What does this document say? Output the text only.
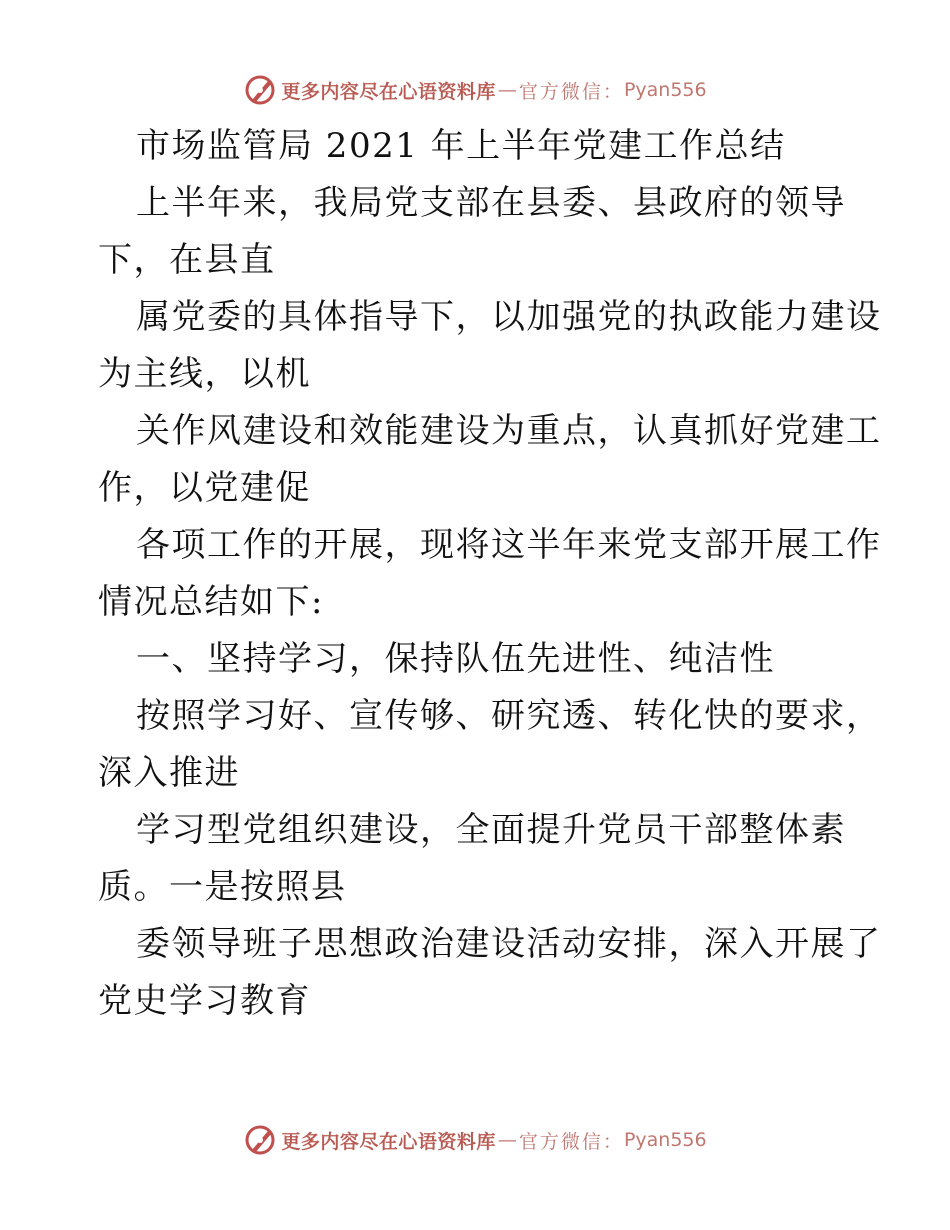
更多内容尽在心语资料库 — 官方微信： Pyan556
市场监管局 2021 年上半年党建工作总结
上半年来，我局党支部在县委、县政府的领导
下，在县直
属党委的具体指导下，以加强党的执政能力建设
为主线，以机
关作风建设和效能建设为重点，认真抓好党建工
作，以党建促
各项工作的开展，现将这半年来党支部开展工作
情况总结如下:
一、坚持学习，保持队伍先进性、纯洁性
按照学习好、宣传够、研究透、转化快的要求，
深入推进
学习型党组织建设，全面提升党员干部整体素
质。一是按照县
委领导班子思想政治建设活动安排，深入开展了
党史学习教育
更多内容尽在心语资料库 — 官方微信： Pyan556
